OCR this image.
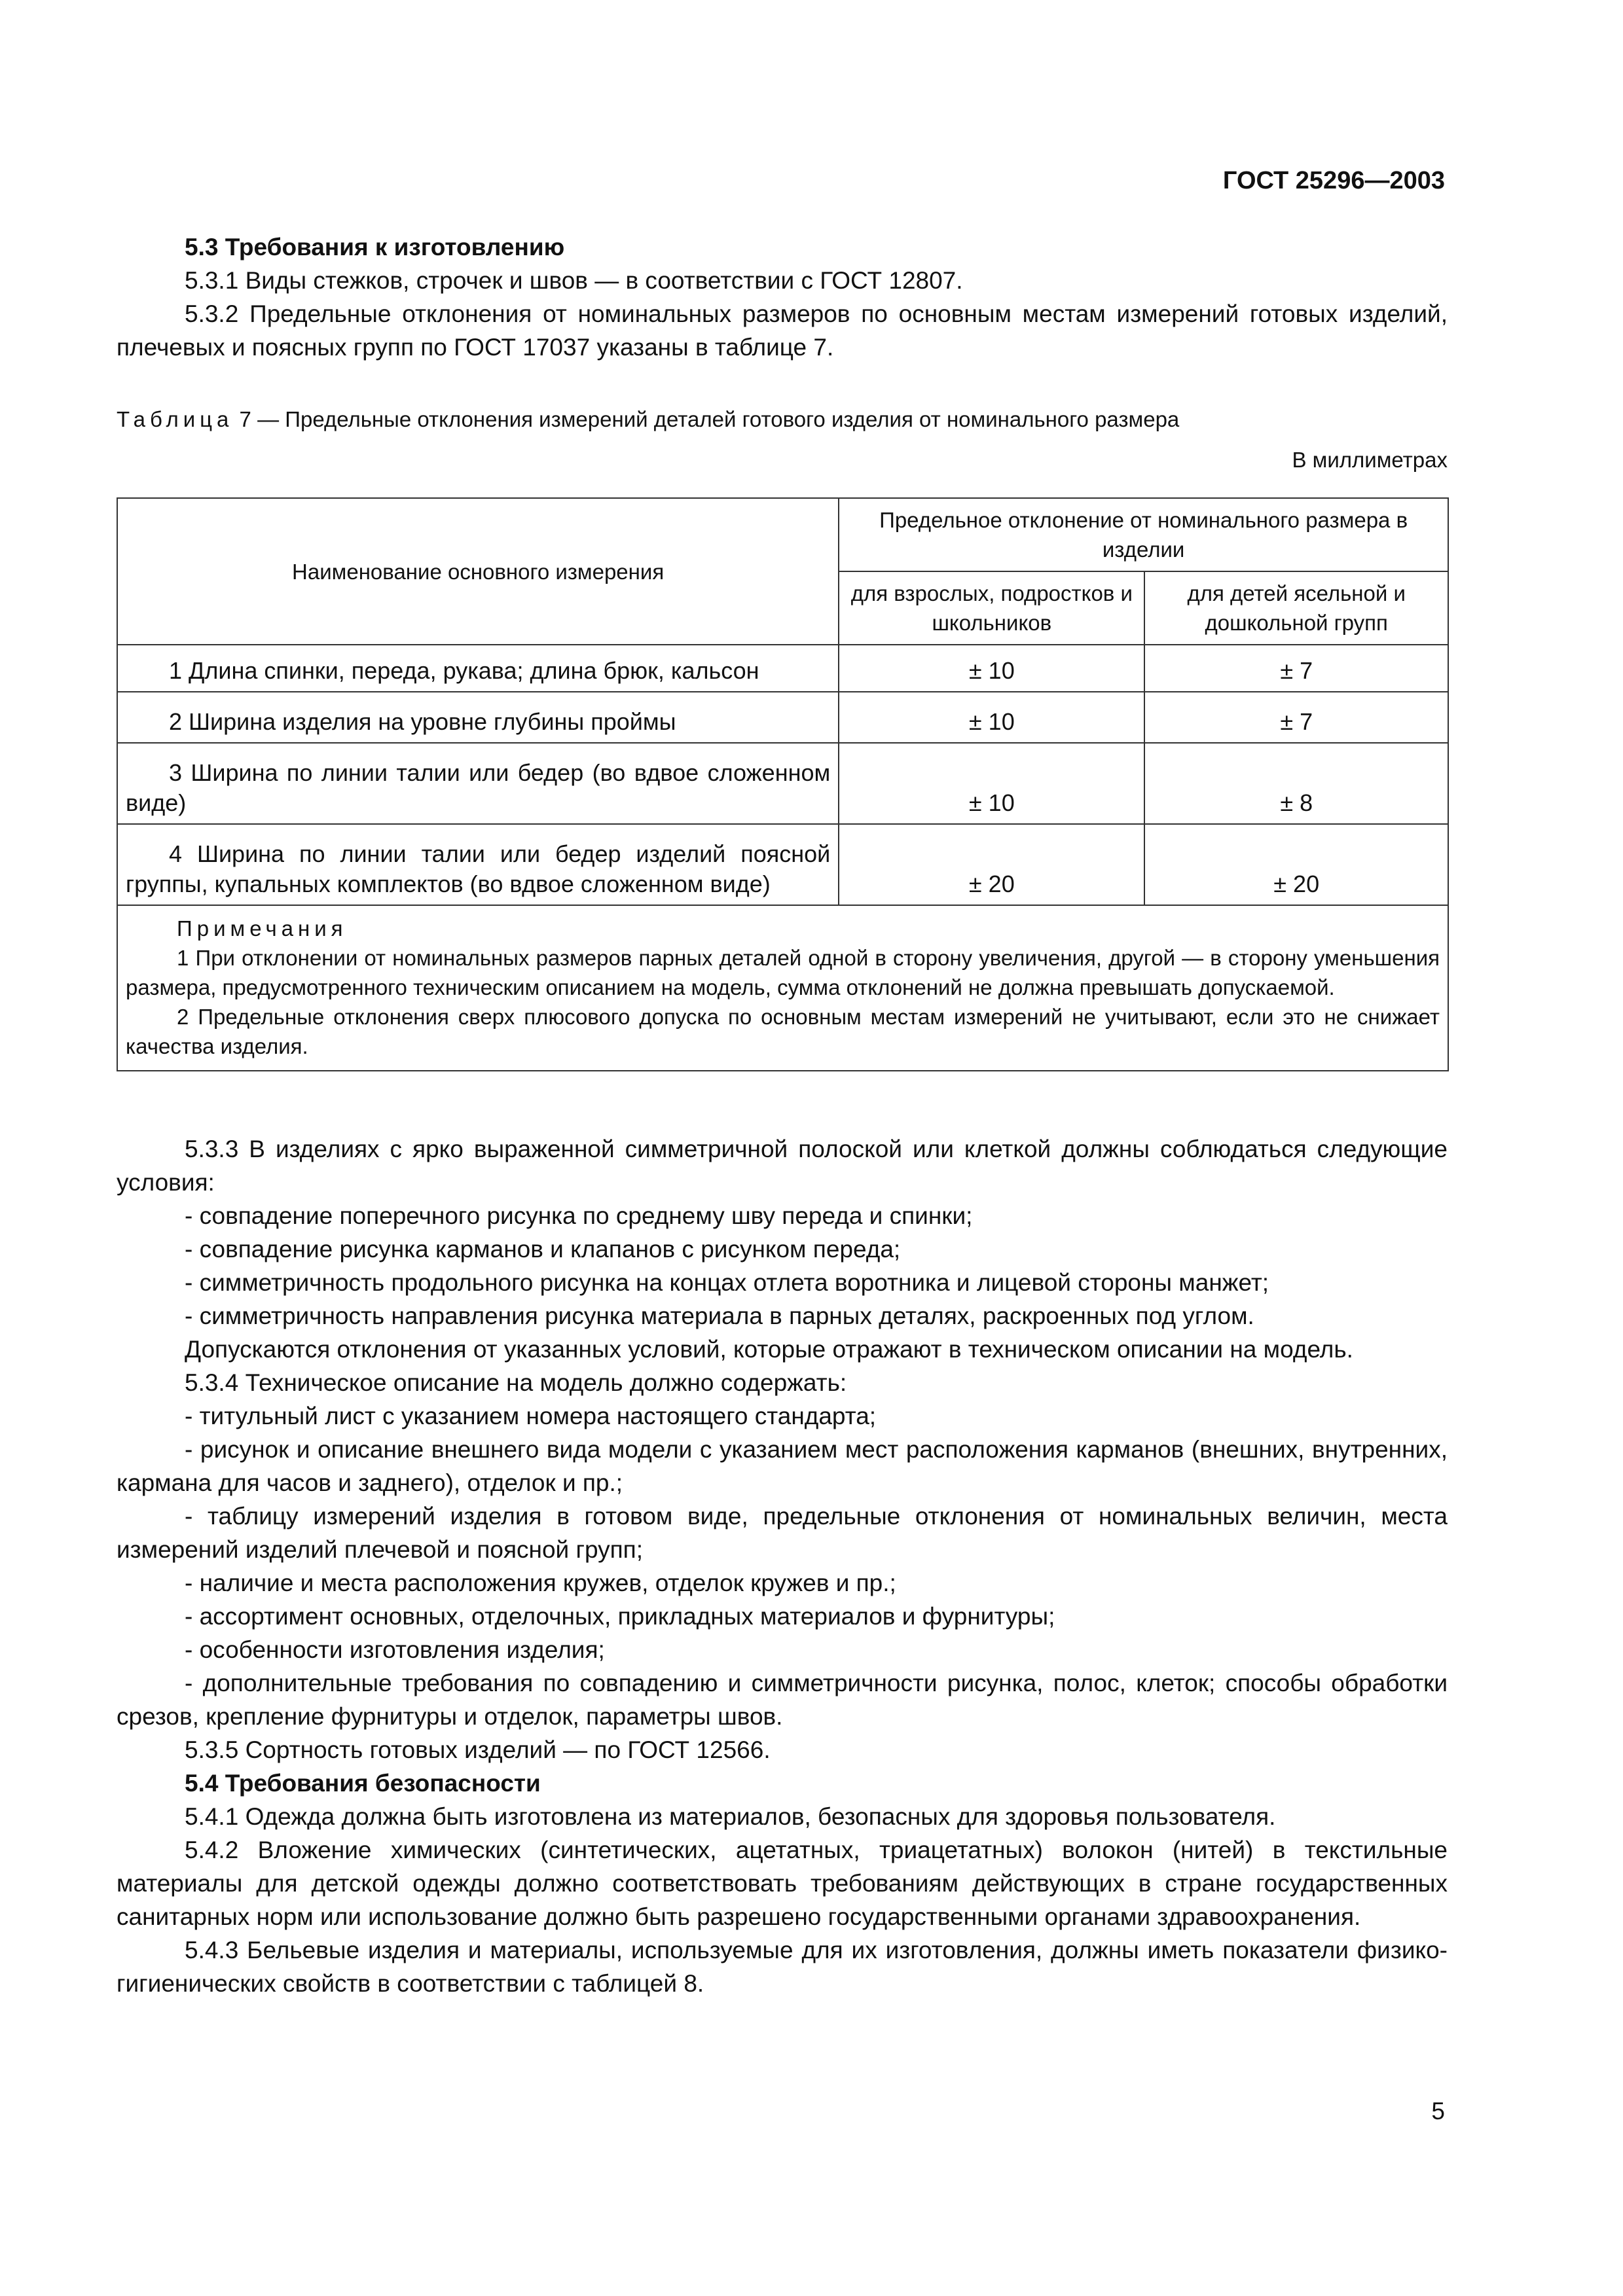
ГОСТ 25296—2003

5.3 Требования к изготовлению

5.3.1 Виды стежков, строчек и швов — в соответствии с ГОСТ 12807.

5.3.2 Предельные отклонения от номинальных размеров по основным местам измерений готовых изделий, плечевых и поясных групп по ГОСТ 17037 указаны в таблице 7.

Таблица 7 — Предельные отклонения измерений деталей готового изделия от номинального размера
В миллиметрах
Наименование основного измерения	Предельное отклонение от номинального размера в изделии	
	для взрослых, подростков и школьников	для детей ясельной и дошкольной групп
1 Длина спинки, переда, рукава; длина брюк, кальсон	± 10	± 7
2 Ширина изделия на уровне глубины проймы	± 10	± 7
3 Ширина по линии талии или бедер (во вдвое сложенном виде)	± 10	± 8
4 Ширина по линии талии или бедер изделий поясной группы, купальных комплектов (во вдвое сложенном виде)	± 20	± 20

Примечания

1 При отклонении от номинальных размеров парных деталей одной в сторону увеличения, другой — в сторону уменьшения размера, предусмотренного техническим описанием на модель, сумма отклонений не должна превышать допускаемой.

2 Предельные отклонения сверх плюсового допуска по основным местам измерений не учитывают, если это не снижает качества изделия.		

5.3.3 В изделиях с ярко выраженной симметричной полоской или клеткой должны соблюдаться следующие условия:

- совпадение поперечного рисунка по среднему шву переда и спинки;

- совпадение рисунка карманов и клапанов с рисунком переда;

- симметричность продольного рисунка на концах отлета воротника и лицевой стороны манжет;

- симметричность направления рисунка материала в парных деталях, раскроенных под углом.

Допускаются отклонения от указанных условий, которые отражают в техническом описании на модель.

5.3.4 Техническое описание на модель должно содержать:

- титульный лист с указанием номера настоящего стандарта;

- рисунок и описание внешнего вида модели с указанием мест расположения карманов (внешних, внутренних, кармана для часов и заднего), отделок и пр.;

- таблицу измерений изделия в готовом виде, предельные отклонения от номинальных величин, места измерений изделий плечевой и поясной групп;

- наличие и места расположения кружев, отделок кружев и пр.;

- ассортимент основных, отделочных, прикладных материалов и фурнитуры;

- особенности изготовления изделия;

- дополнительные требования по совпадению и симметричности рисунка, полос, клеток; способы обработки срезов, крепление фурнитуры и отделок, параметры швов.

5.3.5 Сортность готовых изделий — по ГОСТ 12566.

5.4 Требования безопасности

5.4.1 Одежда должна быть изготовлена из материалов, безопасных для здоровья пользователя.

5.4.2 Вложение химических (синтетических, ацетатных, триацетатных) волокон (нитей) в текстильные материалы для детской одежды должно соответствовать требованиям действующих в стране государственных санитарных норм или использование должно быть разрешено государственными органами здравоохранения.

5.4.3 Бельевые изделия и материалы, используемые для их изготовления, должны иметь показатели физико-гигиенических свойств в соответствии с таблицей 8.

5
